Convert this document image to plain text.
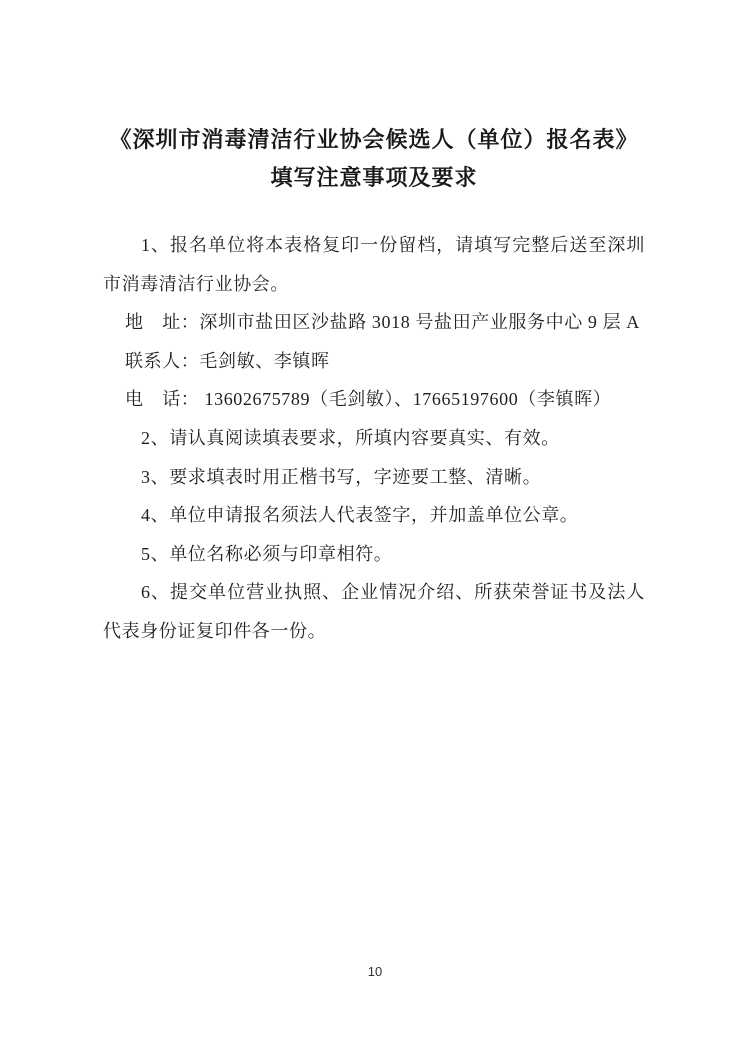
《深圳市消毒清洁行业协会候选人（单位）报名表》
填写注意事项及要求

1、报名单位将本表格复印一份留档，请填写完整后送至深圳市消毒清洁行业协会。

地　址：深圳市盐田区沙盐路 3018 号盐田产业服务中心 9 层 A

联系人：毛剑敏、李镇晖

电　话： 13602675789（毛剑敏）、17665197600（李镇晖）

2、请认真阅读填表要求，所填内容要真实、有效。

3、要求填表时用正楷书写，字迹要工整、清晰。

4、单位申请报名须法人代表签字，并加盖单位公章。

5、单位名称必须与印章相符。

6、提交单位营业执照、企业情况介绍、所获荣誉证书及法人代表身份证复印件各一份。

10
